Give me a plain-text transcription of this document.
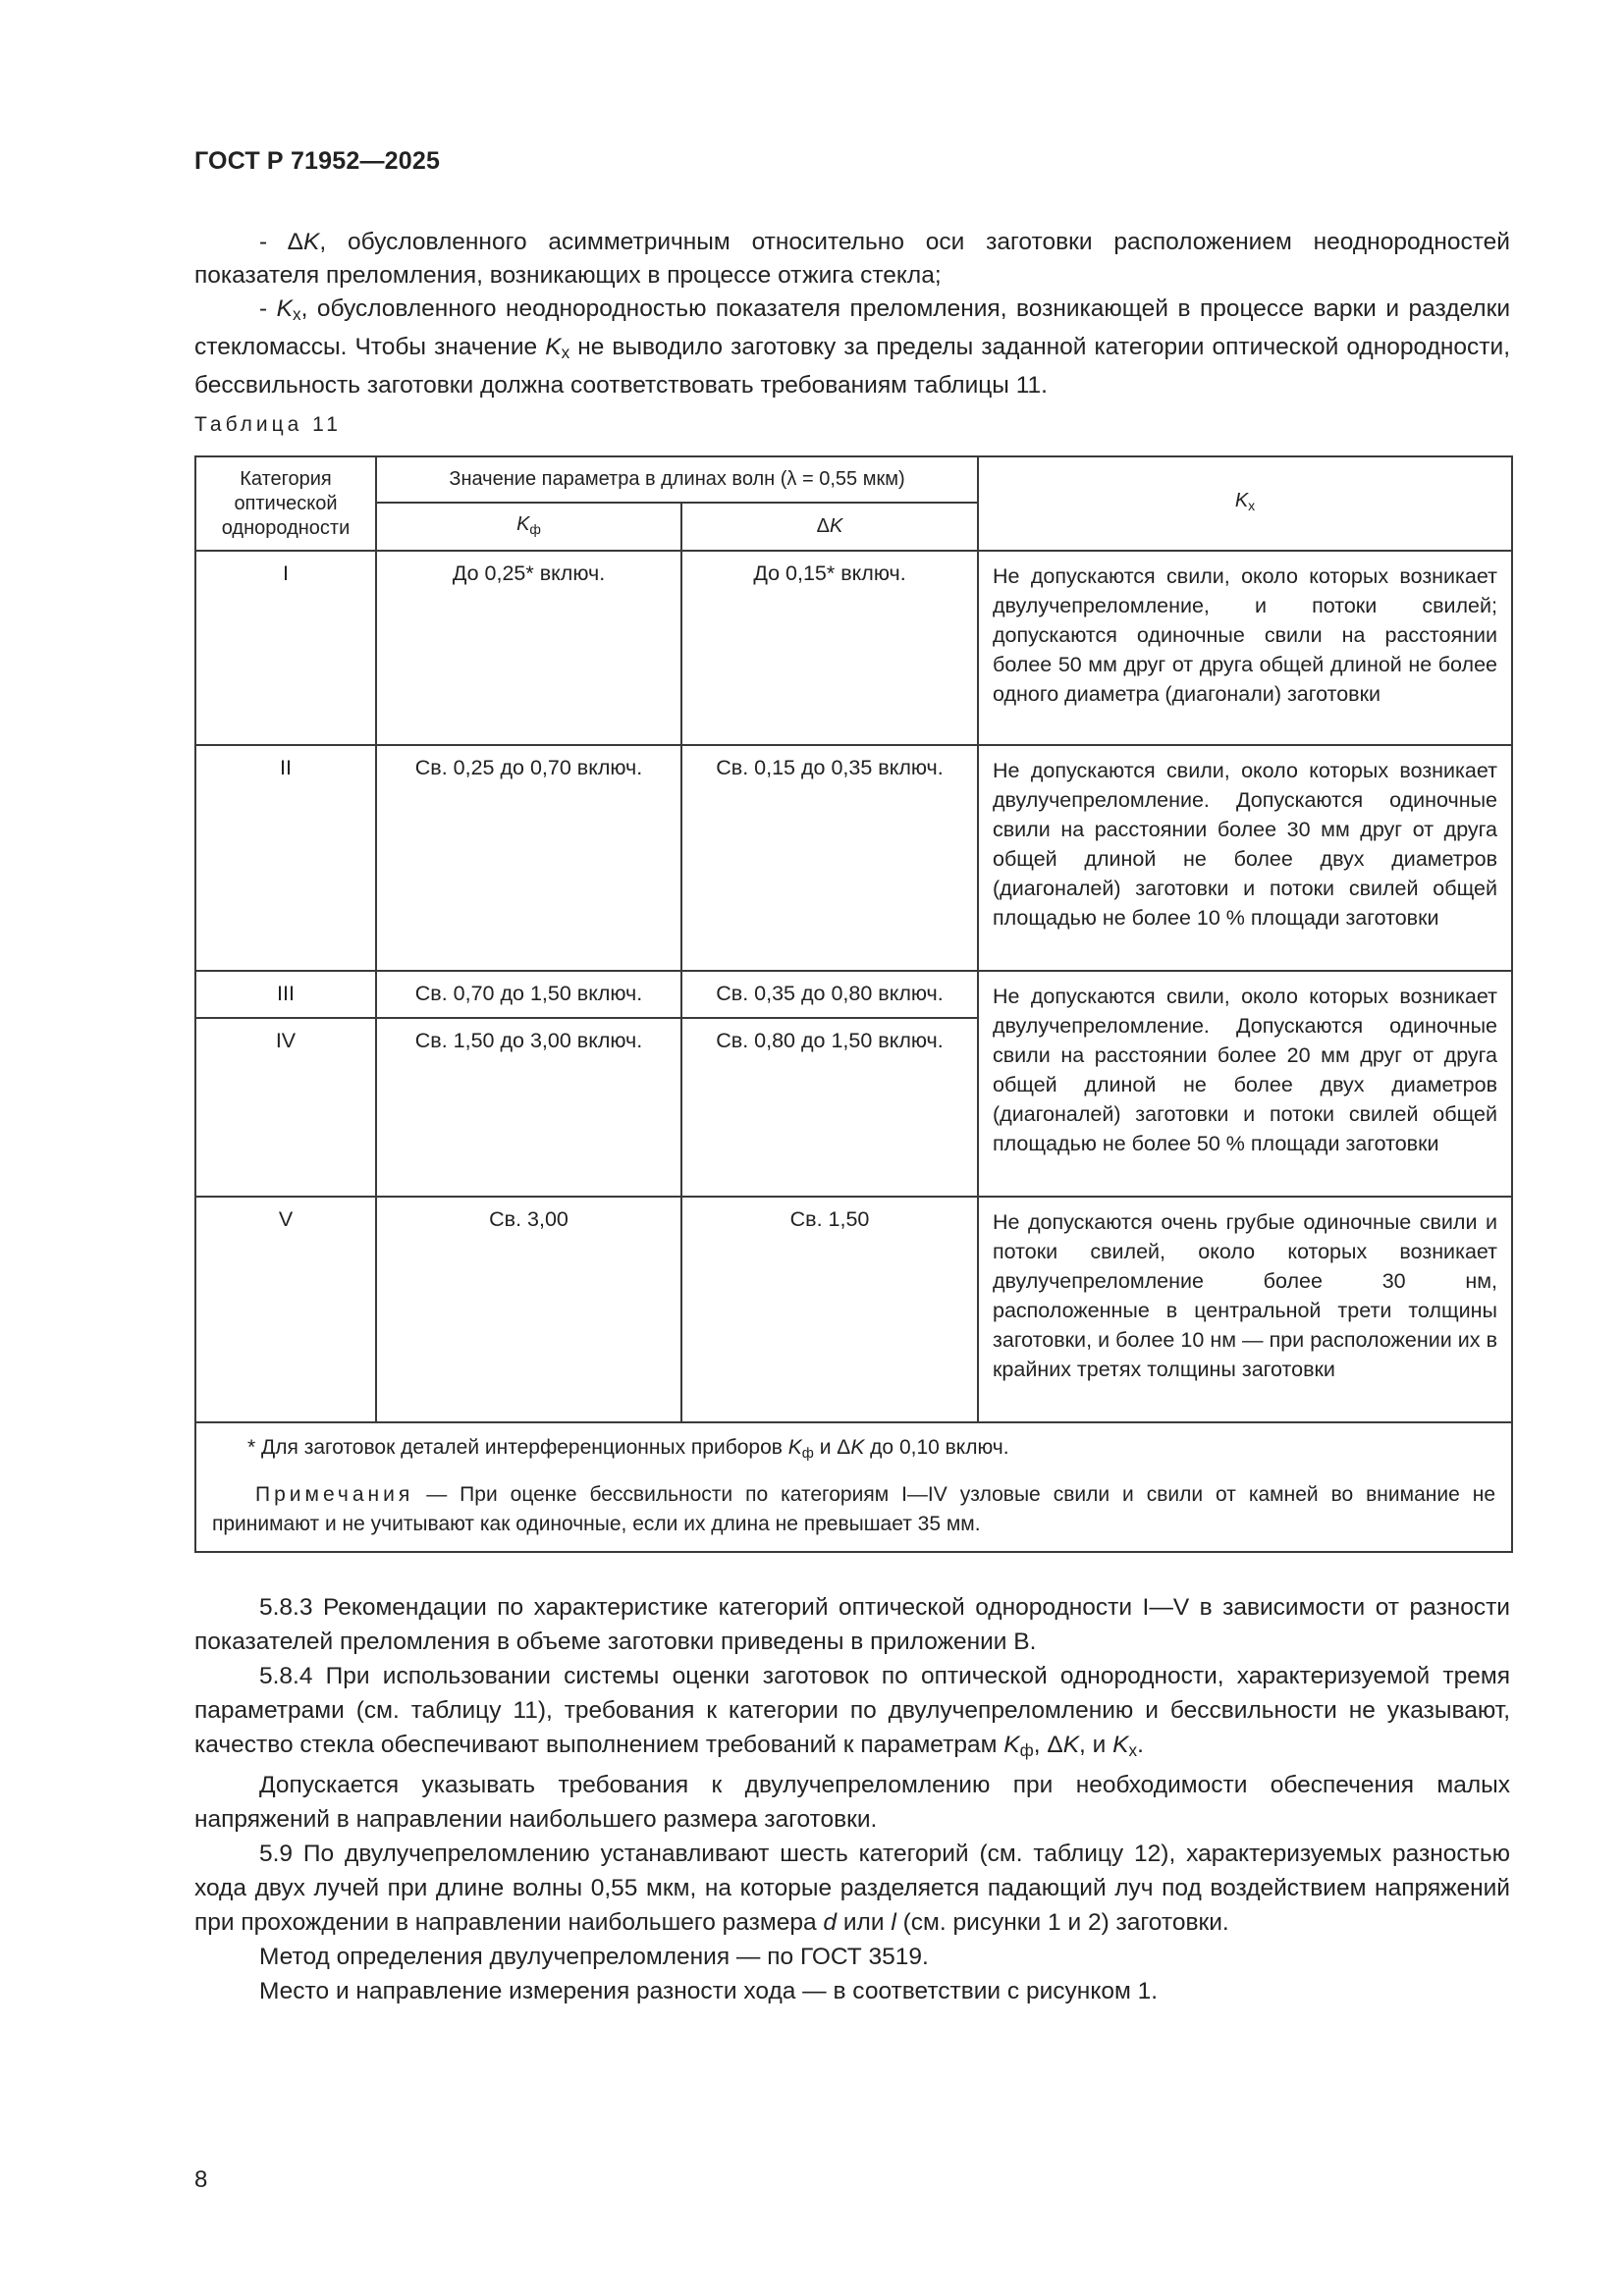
ГОСТ Р 71952—2025

- ΔK, обусловленного асимметричным относительно оси заготовки расположением неоднородностей показателя преломления, возникающих в процессе отжига стекла;

- $K_x$, обусловленного неоднородностью показателя преломления, возникающей в процессе варки и разделки стекломассы. Чтобы значение $K_x$ не выводило заготовку за пределы заданной категории оптической однородности, бессвильность заготовки должна соответствовать требованиям таблицы 11.

Таблица 11
Категория оптической однородности	Значение параметра в длинах волн (λ = 0,55 мкм)		$K_x$
	$K_ф$	ΔK	
I	До 0,25* включ.	До 0,15* включ.	Не допускаются свили, около которых возникает двулучепреломление, и потоки свилей; допускаются одиночные свили на расстоянии более 50 мм друг от друга общей длиной не более одного диаметра (диагонали) заготовки
II	Св. 0,25 до 0,70 включ.	Св. 0,15 до 0,35 включ.	Не допускаются свили, около которых возникает двулучепреломление. Допускаются одиночные свили на расстоянии более 30 мм друг от друга общей длиной не более двух диаметров (диагоналей) заготовки и потоки свилей общей площадью не более 10 % площади заготовки
III	Св. 0,70 до 1,50 включ.	Св. 0,35 до 0,80 включ.	Не допускаются свили, около которых возникает двулучепреломление. Допускаются одиночные свили на расстоянии более 20 мм друг от друга общей длиной не более двух диаметров (диагоналей) заготовки и потоки свилей общей площадью не более 50 % площади заготовки
IV	Св. 1,50 до 3,00 включ.	Св. 0,80 до 1,50 включ.	
V	Св. 3,00	Св. 1,50	Не допускаются очень грубые одиночные свили и потоки свилей, около которых возникает двулучепреломление более 30 нм, расположенные в центральной трети толщины заготовки, и более 10 нм — при расположении их в крайних третях толщины заготовки

* Для заготовок деталей интерференционных приборов $K_ф$ и ΔK до 0,10 включ.
Примечания — При оценке бессвильности по категориям I—IV узловые свили и свили от камней во внимание не принимают и не учитывают как одиночные, если их длина не превышает 35 мм.			

5.8.3 Рекомендации по характеристике категорий оптической однородности I—V в зависимости от разности показателей преломления в объеме заготовки приведены в приложении В.

5.8.4 При использовании системы оценки заготовок по оптической однородности, характеризуемой тремя параметрами (см. таблицу 11), требования к категории по двулучепреломлению и бессвильности не указывают, качество стекла обеспечивают выполнением требований к параметрам $K_ф$, ΔK, и $K_x$.

Допускается указывать требования к двулучепреломлению при необходимости обеспечения малых напряжений в направлении наибольшего размера заготовки.

5.9 По двулучепреломлению устанавливают шесть категорий (см. таблицу 12), характеризуемых разностью хода двух лучей при длине волны 0,55 мкм, на которые разделяется падающий луч под воздействием напряжений при прохождении в направлении наибольшего размера d или l (см. рисунки 1 и 2) заготовки.

Метод определения двулучепреломления — по ГОСТ 3519.

Место и направление измерения разности хода — в соответствии с рисунком 1.

8
